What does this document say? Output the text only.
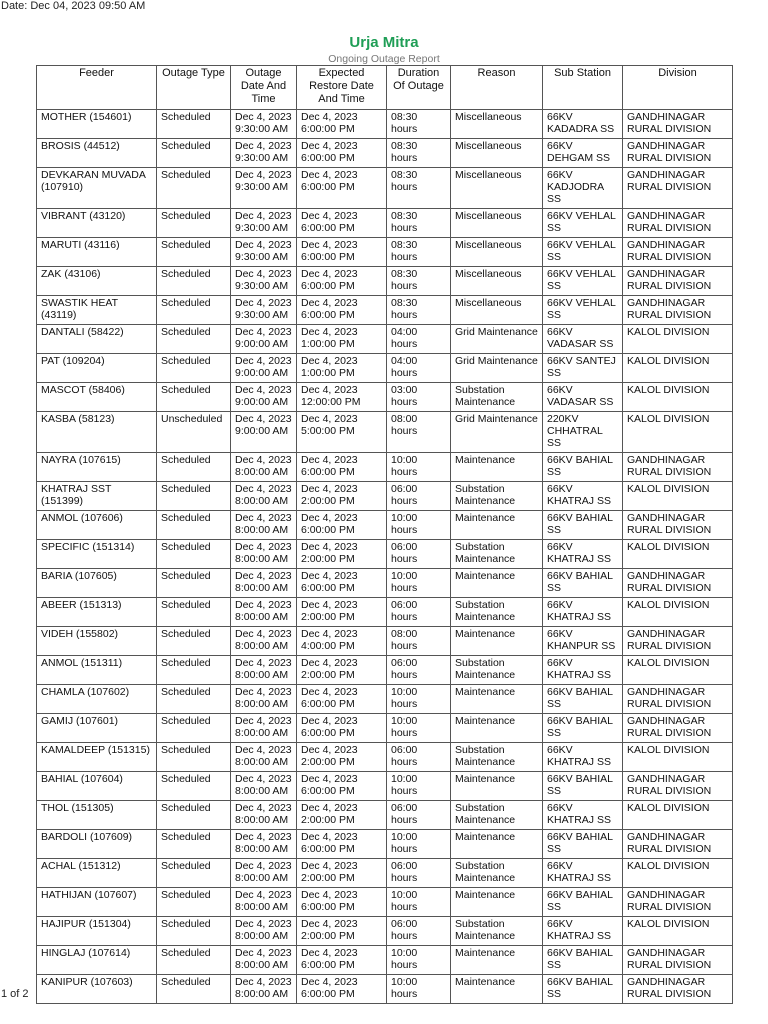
Date: Dec 04, 2023 09:50 AM
Urja Mitra
Ongoing Outage Report
Feeder	Outage Type	Outage Date And Time	Expected Restore Date And Time	Duration Of Outage	Reason	Sub Station	Division
MOTHER (154601)	Scheduled	Dec 4, 2023 9:30:00 AM	Dec 4, 2023 6:00:00 PM	08:30 hours	Miscellaneous	66KV KADADRA SS	GANDHINAGAR RURAL DIVISION
BROSIS (44512)	Scheduled	Dec 4, 2023 9:30:00 AM	Dec 4, 2023 6:00:00 PM	08:30 hours	Miscellaneous	66KV DEHGAM SS	GANDHINAGAR RURAL DIVISION
DEVKARAN MUVADA (107910)	Scheduled	Dec 4, 2023 9:30:00 AM	Dec 4, 2023 6:00:00 PM	08:30 hours	Miscellaneous	66KV KADJODRA SS	GANDHINAGAR RURAL DIVISION
VIBRANT (43120)	Scheduled	Dec 4, 2023 9:30:00 AM	Dec 4, 2023 6:00:00 PM	08:30 hours	Miscellaneous	66KV VEHLAL SS	GANDHINAGAR RURAL DIVISION
MARUTI (43116)	Scheduled	Dec 4, 2023 9:30:00 AM	Dec 4, 2023 6:00:00 PM	08:30 hours	Miscellaneous	66KV VEHLAL SS	GANDHINAGAR RURAL DIVISION
ZAK (43106)	Scheduled	Dec 4, 2023 9:30:00 AM	Dec 4, 2023 6:00:00 PM	08:30 hours	Miscellaneous	66KV VEHLAL SS	GANDHINAGAR RURAL DIVISION
SWASTIK HEAT (43119)	Scheduled	Dec 4, 2023 9:30:00 AM	Dec 4, 2023 6:00:00 PM	08:30 hours	Miscellaneous	66KV VEHLAL SS	GANDHINAGAR RURAL DIVISION
DANTALI (58422)	Scheduled	Dec 4, 2023 9:00:00 AM	Dec 4, 2023 1:00:00 PM	04:00 hours	Grid Maintenance	66KV VADASAR SS	KALOL DIVISION
PAT (109204)	Scheduled	Dec 4, 2023 9:00:00 AM	Dec 4, 2023 1:00:00 PM	04:00 hours	Grid Maintenance	66KV SANTEJ SS	KALOL DIVISION
MASCOT (58406)	Scheduled	Dec 4, 2023 9:00:00 AM	Dec 4, 2023 12:00:00 PM	03:00 hours	Substation Maintenance	66KV VADASAR SS	KALOL DIVISION
KASBA (58123)	Unscheduled	Dec 4, 2023 9:00:00 AM	Dec 4, 2023 5:00:00 PM	08:00 hours	Grid Maintenance	220KV CHHATRAL SS	KALOL DIVISION
NAYRA (107615)	Scheduled	Dec 4, 2023 8:00:00 AM	Dec 4, 2023 6:00:00 PM	10:00 hours	Maintenance	66KV BAHIAL SS	GANDHINAGAR RURAL DIVISION
KHATRAJ SST (151399)	Scheduled	Dec 4, 2023 8:00:00 AM	Dec 4, 2023 2:00:00 PM	06:00 hours	Substation Maintenance	66KV KHATRAJ SS	KALOL DIVISION
ANMOL (107606)	Scheduled	Dec 4, 2023 8:00:00 AM	Dec 4, 2023 6:00:00 PM	10:00 hours	Maintenance	66KV BAHIAL SS	GANDHINAGAR RURAL DIVISION
SPECIFIC (151314)	Scheduled	Dec 4, 2023 8:00:00 AM	Dec 4, 2023 2:00:00 PM	06:00 hours	Substation Maintenance	66KV KHATRAJ SS	KALOL DIVISION
BARIA (107605)	Scheduled	Dec 4, 2023 8:00:00 AM	Dec 4, 2023 6:00:00 PM	10:00 hours	Maintenance	66KV BAHIAL SS	GANDHINAGAR RURAL DIVISION
ABEER (151313)	Scheduled	Dec 4, 2023 8:00:00 AM	Dec 4, 2023 2:00:00 PM	06:00 hours	Substation Maintenance	66KV KHATRAJ SS	KALOL DIVISION
VIDEH (155802)	Scheduled	Dec 4, 2023 8:00:00 AM	Dec 4, 2023 4:00:00 PM	08:00 hours	Maintenance	66KV KHANPUR SS	GANDHINAGAR RURAL DIVISION
ANMOL (151311)	Scheduled	Dec 4, 2023 8:00:00 AM	Dec 4, 2023 2:00:00 PM	06:00 hours	Substation Maintenance	66KV KHATRAJ SS	KALOL DIVISION
CHAMLA (107602)	Scheduled	Dec 4, 2023 8:00:00 AM	Dec 4, 2023 6:00:00 PM	10:00 hours	Maintenance	66KV BAHIAL SS	GANDHINAGAR RURAL DIVISION
GAMIJ (107601)	Scheduled	Dec 4, 2023 8:00:00 AM	Dec 4, 2023 6:00:00 PM	10:00 hours	Maintenance	66KV BAHIAL SS	GANDHINAGAR RURAL DIVISION
KAMALDEEP (151315)	Scheduled	Dec 4, 2023 8:00:00 AM	Dec 4, 2023 2:00:00 PM	06:00 hours	Substation Maintenance	66KV KHATRAJ SS	KALOL DIVISION
BAHIAL (107604)	Scheduled	Dec 4, 2023 8:00:00 AM	Dec 4, 2023 6:00:00 PM	10:00 hours	Maintenance	66KV BAHIAL SS	GANDHINAGAR RURAL DIVISION
THOL (151305)	Scheduled	Dec 4, 2023 8:00:00 AM	Dec 4, 2023 2:00:00 PM	06:00 hours	Substation Maintenance	66KV KHATRAJ SS	KALOL DIVISION
BARDOLI (107609)	Scheduled	Dec 4, 2023 8:00:00 AM	Dec 4, 2023 6:00:00 PM	10:00 hours	Maintenance	66KV BAHIAL SS	GANDHINAGAR RURAL DIVISION
ACHAL (151312)	Scheduled	Dec 4, 2023 8:00:00 AM	Dec 4, 2023 2:00:00 PM	06:00 hours	Substation Maintenance	66KV KHATRAJ SS	KALOL DIVISION
HATHIJAN (107607)	Scheduled	Dec 4, 2023 8:00:00 AM	Dec 4, 2023 6:00:00 PM	10:00 hours	Maintenance	66KV BAHIAL SS	GANDHINAGAR RURAL DIVISION
HAJIPUR (151304)	Scheduled	Dec 4, 2023 8:00:00 AM	Dec 4, 2023 2:00:00 PM	06:00 hours	Substation Maintenance	66KV KHATRAJ SS	KALOL DIVISION
HINGLAJ (107614)	Scheduled	Dec 4, 2023 8:00:00 AM	Dec 4, 2023 6:00:00 PM	10:00 hours	Maintenance	66KV BAHIAL SS	GANDHINAGAR RURAL DIVISION
KANIPUR (107603)	Scheduled	Dec 4, 2023 8:00:00 AM	Dec 4, 2023 6:00:00 PM	10:00 hours	Maintenance	66KV BAHIAL SS	GANDHINAGAR RURAL DIVISION
1 of 2
